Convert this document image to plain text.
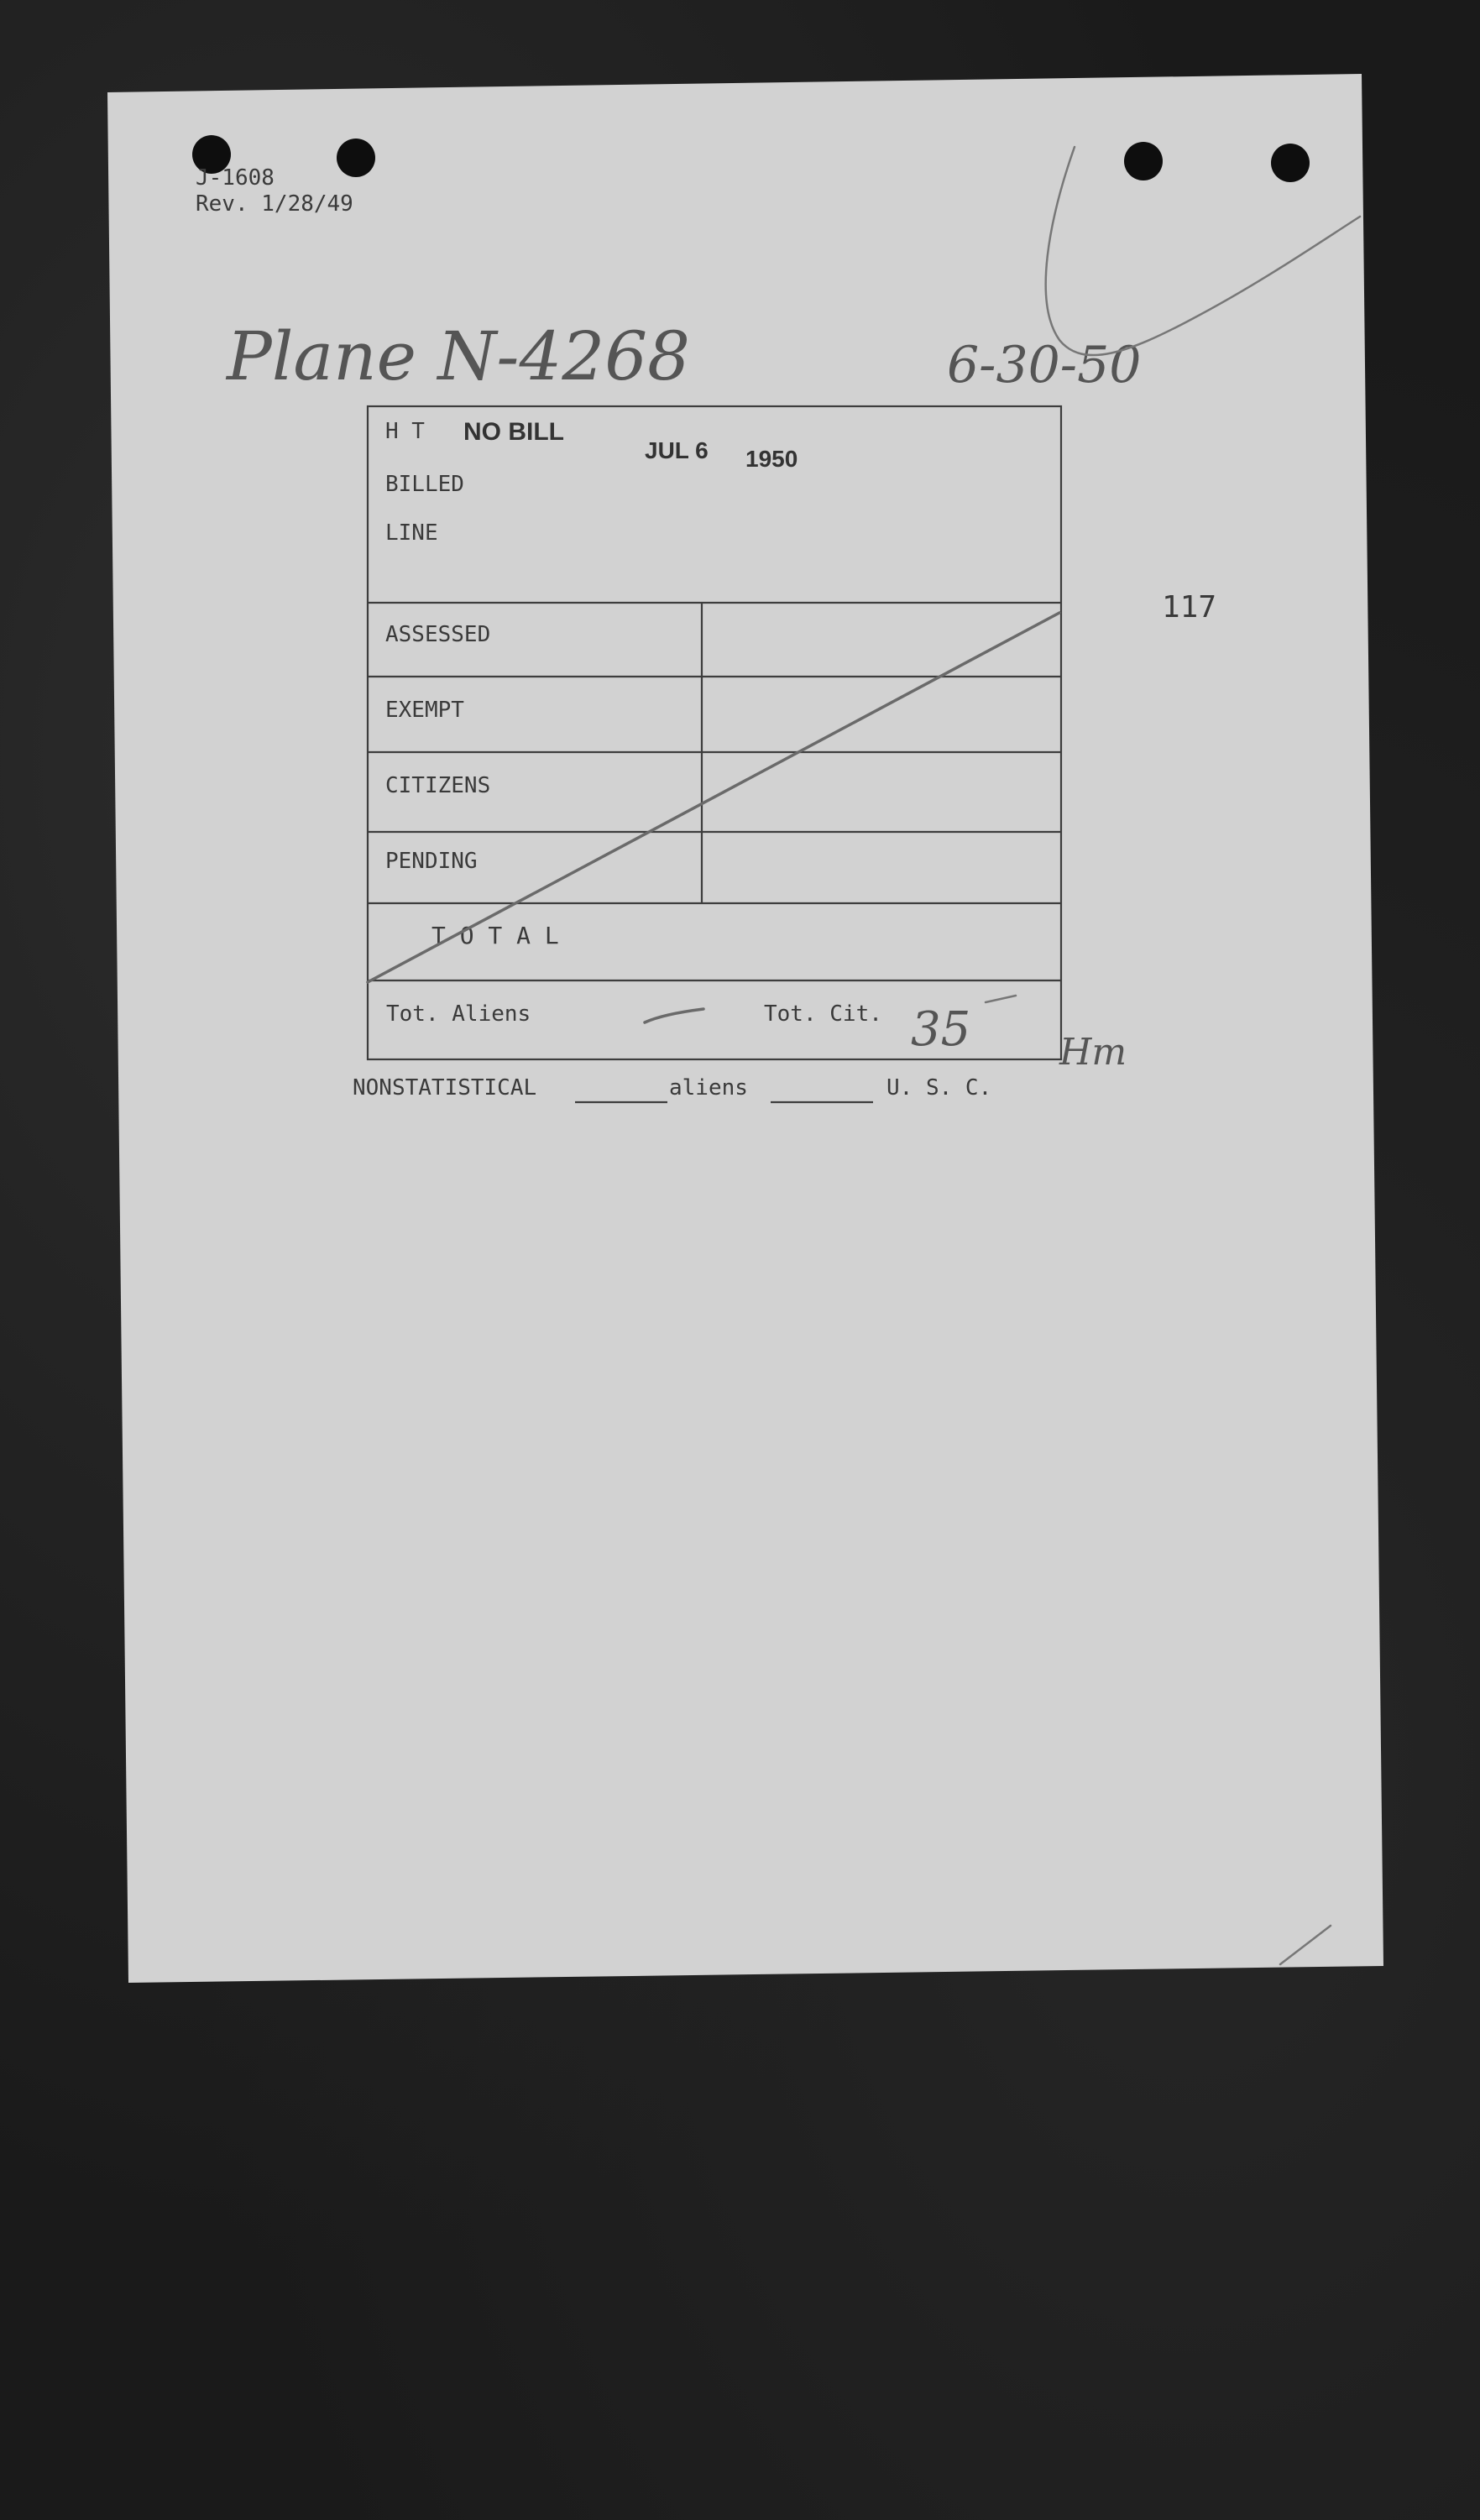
J-1608
Rev. 1/28/49
Plane N-4268	6-30-50
117
H T NO BILL
JUL 6 1950
BILLED
LINE
ASSESSED
EXEMPT
CITIZENS
PENDING
T O T A L
Tot. Aliens	Tot. Cit. 35 Hm
NONSTATISTICAL	aliens	U. S. C.
